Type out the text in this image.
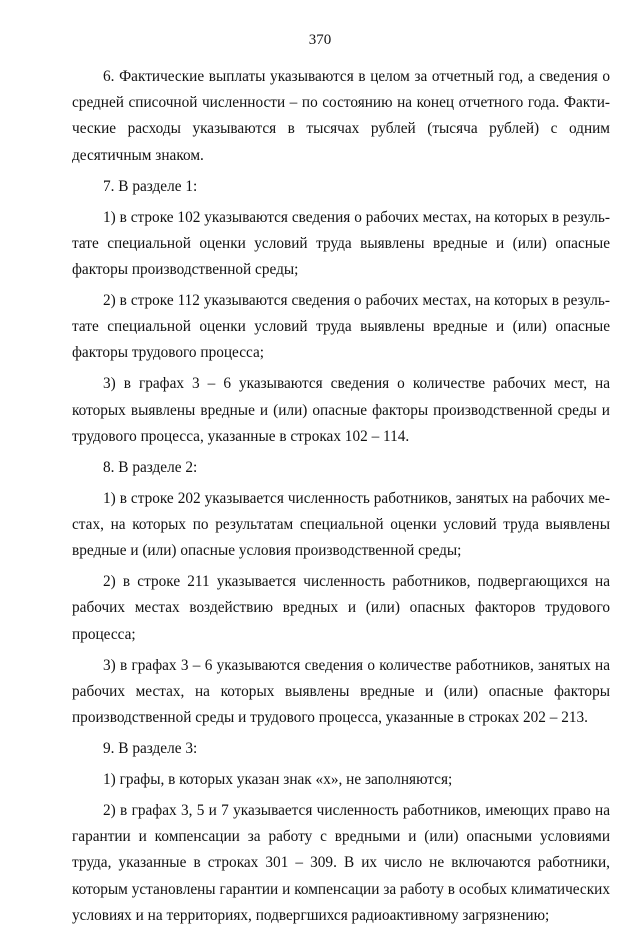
370

6. Фактические выплаты указываются в целом за отчетный год, а сведения о средней списочной численности – по состоянию на конец отчетного года. Фактические расходы указываются в тысячах рублей (тысяча рублей) с одним десятичным знаком.

7. В разделе 1:

1) в строке 102 указываются сведения о рабочих местах, на которых в результате специальной оценки условий труда выявлены вредные и (или) опасные факторы производственной среды;

2) в строке 112 указываются сведения о рабочих местах, на которых в результате специальной оценки условий труда выявлены вредные и (или) опасные факторы трудового процесса;

3) в графах 3 – 6 указываются сведения о количестве рабочих мест, на которых выявлены вредные и (или) опасные факторы производственной среды и трудового процесса, указанные в строках 102 – 114.

8. В разделе 2:

1) в строке 202 указывается численность работников, занятых на рабочих местах, на которых по результатам специальной оценки условий труда выявлены вредные и (или) опасные условия производственной среды;

2) в строке 211 указывается численность работников, подвергающихся на рабочих местах воздействию вредных и (или) опасных факторов трудового процесса;

3) в графах 3 – 6 указываются сведения о количестве работников, занятых на рабочих местах, на которых выявлены вредные и (или) опасные факторы производственной среды и трудового процесса, указанные в строках 202 – 213.

9. В разделе 3:

1) графы, в которых указан знак «х», не заполняются;

2) в графах 3, 5 и 7 указывается численность работников, имеющих право на гарантии и компенсации за работу с вредными и (или) опасными условиями труда, указанные в строках 301 – 309. В их число не включаются работники, которым установлены гарантии и компенсации за работу в особых климатических условиях и на территориях, подвергшихся радиоактивному загрязнению;
